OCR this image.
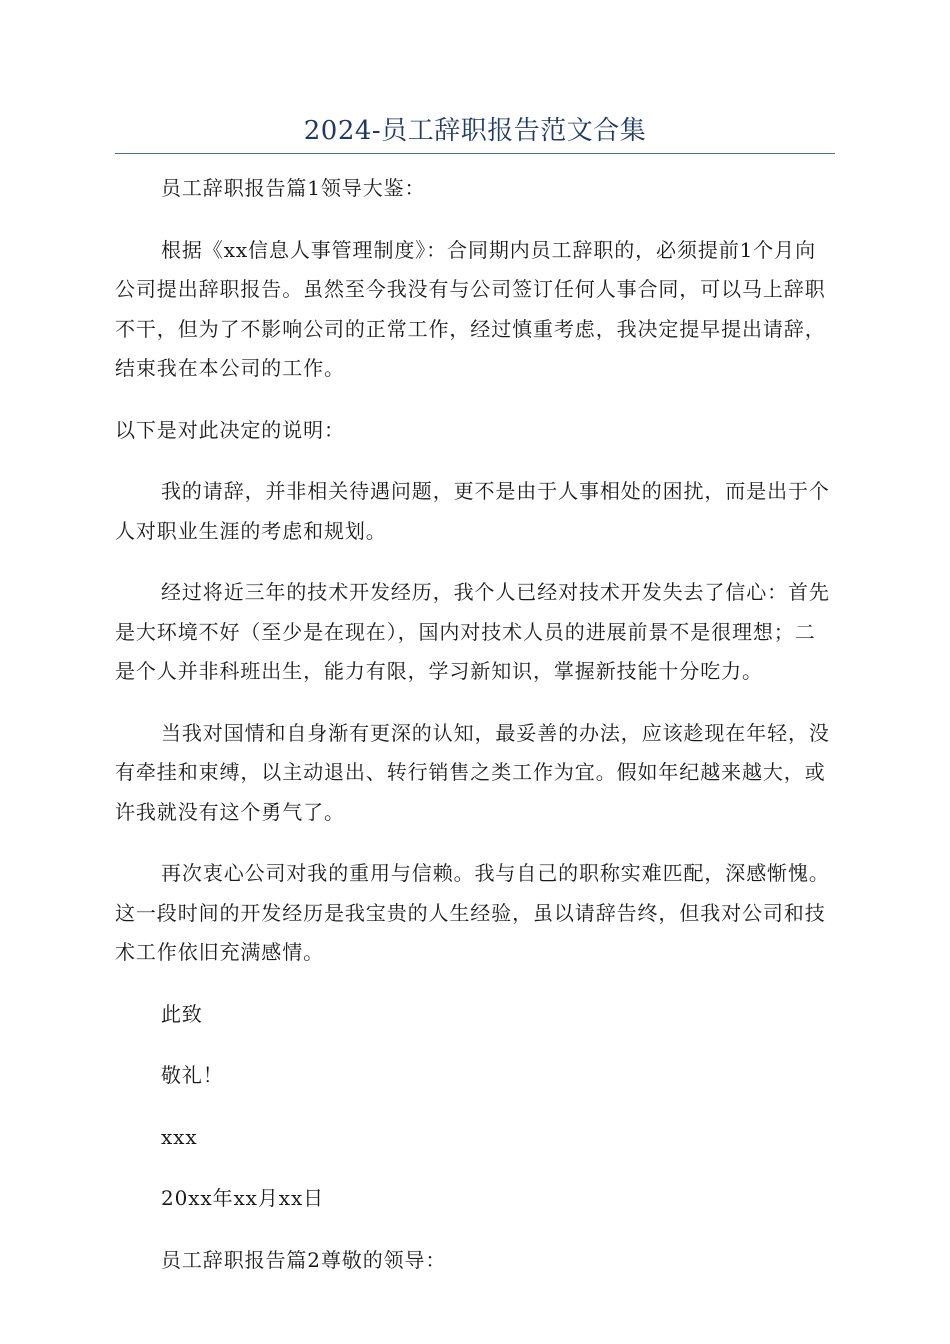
2024-员工辞职报告范文合集

员工辞职报告篇1领导大鉴：

根据《xx信息人事管理制度》：合同期内员工辞职的，必须提前1个月向公司提出辞职报告。虽然至今我没有与公司签订任何人事合同，可以马上辞职不干，但为了不影响公司的正常工作，经过慎重考虑，我决定提早提出请辞，结束我在本公司的工作。

以下是对此决定的说明：

我的请辞，并非相关待遇问题，更不是由于人事相处的困扰，而是出于个人对职业生涯的考虑和规划。

经过将近三年的技术开发经历，我个人已经对技术开发失去了信心：首先是大环境不好（至少是在现在），国内对技术人员的进展前景不是很理想；二是个人并非科班出生，能力有限，学习新知识，掌握新技能十分吃力。

当我对国情和自身渐有更深的认知，最妥善的办法，应该趁现在年轻，没有牵挂和束缚，以主动退出、转行销售之类工作为宜。假如年纪越来越大，或许我就没有这个勇气了。

再次衷心公司对我的重用与信赖。我与自己的职称实难匹配，深感惭愧。这一段时间的开发经历是我宝贵的人生经验，虽以请辞告终，但我对公司和技术工作依旧充满感情。

此致

敬礼！

xxx

20xx年xx月xx日

员工辞职报告篇2尊敬的领导：
